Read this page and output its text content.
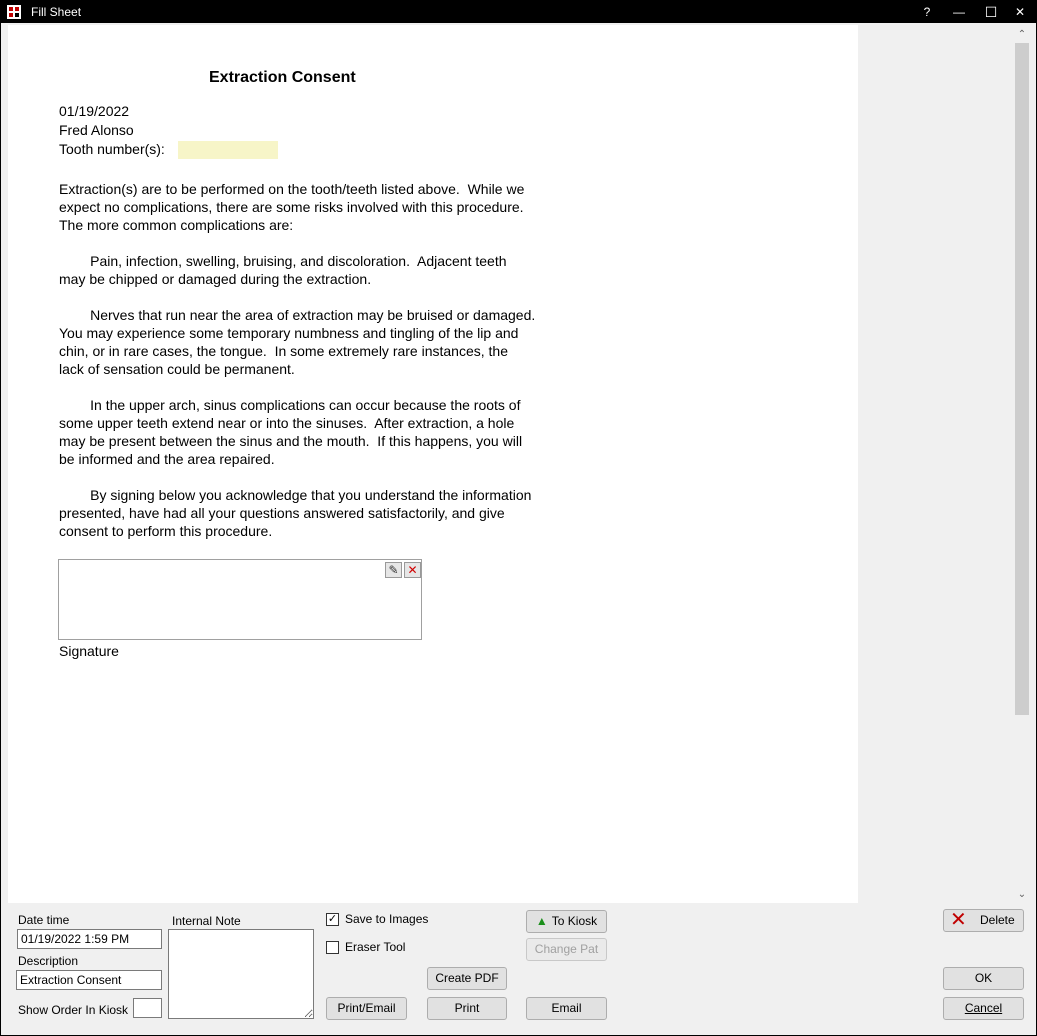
Fill Sheet	?	—	☐	✕
Extraction Consent
01/19/2022
Fred Alonso
Tooth number(s):
Extraction(s) are to be performed on the tooth/teeth listed above.  While we
expect no complications, there are some risks involved with this procedure.
The more common complications are:
Pain, infection, swelling, bruising, and discoloration.  Adjacent teeth
may be chipped or damaged during the extraction.
Nerves that run near the area of extraction may be bruised or damaged.
You may experience some temporary numbness and tingling of the lip and
chin, or in rare cases, the tongue.  In some extremely rare instances, the
lack of sensation could be permanent.
In the upper arch, sinus complications can occur because the roots of
some upper teeth extend near or into the sinuses.  After extraction, a hole
may be present between the sinus and the mouth.  If this happens, you will
be informed and the area repaired.
By signing below you acknowledge that you understand the information
presented, have had all your questions answered satisfactorily, and give
consent to perform this procedure.
✎ ✕
Signature
⌃
⌄
Date time
01/19/2022 1:59 PM
Description
Extraction Consent
Show Order In Kiosk
Internal Note	✓ Save to Images
Eraser Tool
▲ To Kiosk
Change Pat
Create PDF
Print/Email	Print	Email
✕ Delete
OK
Cancel
